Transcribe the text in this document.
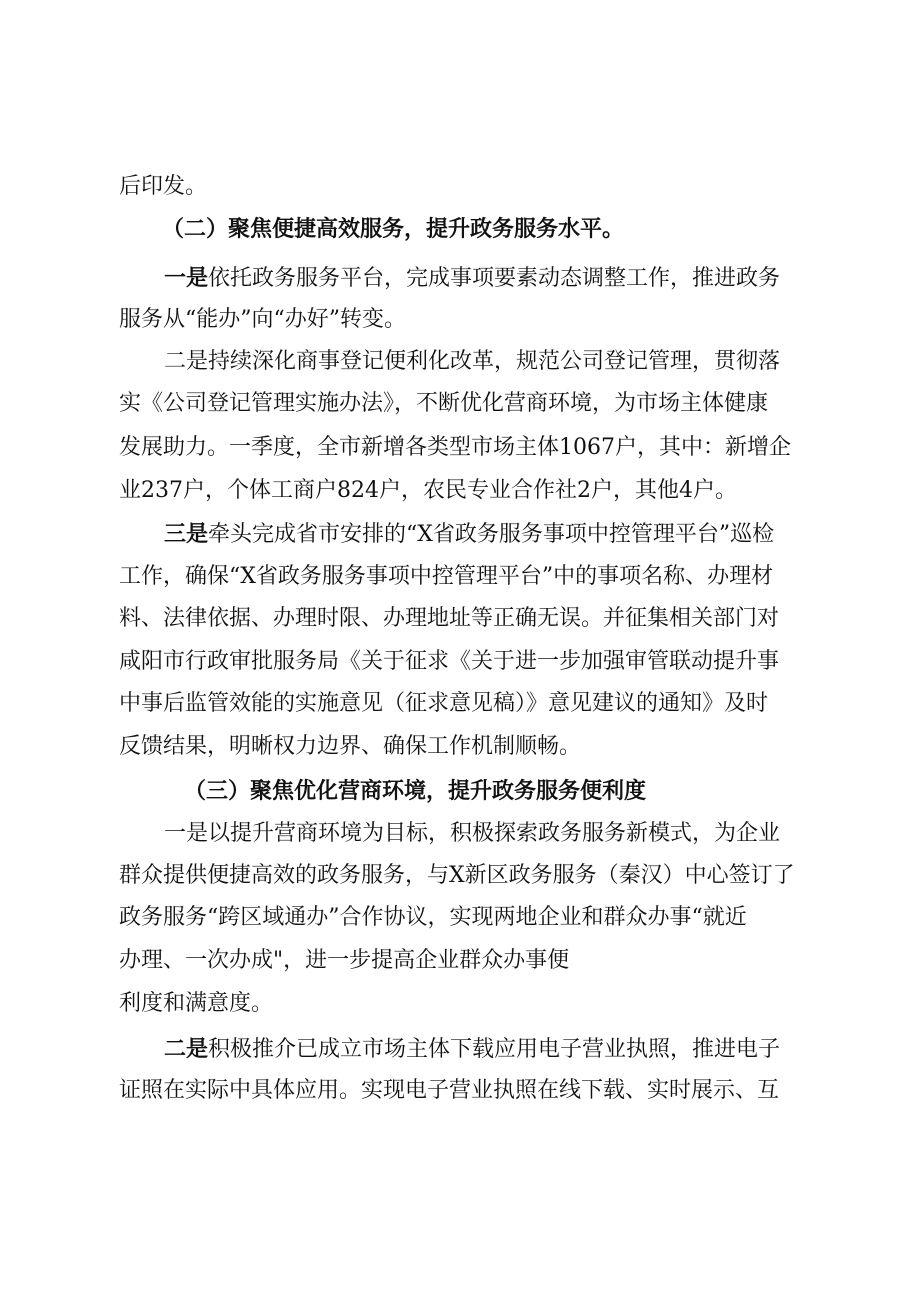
后印发。
（二）聚焦便捷高效服务，提升政务服务水平。
一是依托政务服务平台，完成事项要素动态调整工作，推进政务
服务从“能办”向“办好”转变。
二是持续深化商事登记便利化改革，规范公司登记管理，贯彻落
实《公司登记管理实施办法》，不断优化营商环境，为市场主体健康
发展助力。一季度，全市新增各类型市场主体1067户，其中：新增企
业237户，个体工商户824户，农民专业合作社2户，其他4户。
三是牵头完成省市安排的“X省政务服务事项中控管理平台”巡检
工作，确保“X省政务服务事项中控管理平台”中的事项名称、办理材
料、法律依据、办理时限、办理地址等正确无误。并征集相关部门对
咸阳市行政审批服务局《关于征求《关于进一步加强审管联动提升事
中事后监管效能的实施意见（征求意见稿）》意见建议的通知》及时
反馈结果，明晰权力边界、确保工作机制顺畅。
（三）聚焦优化营商环境，提升政务服务便利度
一是以提升营商环境为目标，积极探索政务服务新模式，为企业
群众提供便捷高效的政务服务，与X新区政务服务（秦汉）中心签订了
政务服务“跨区域通办”合作协议，实现两地企业和群众办事“就近
办理、一次办成"，进一步提高企业群众办事便
利度和满意度。
二是积极推介已成立市场主体下载应用电子营业执照，推进电子
证照在实际中具体应用。实现电子营业执照在线下载、实时展示、互
